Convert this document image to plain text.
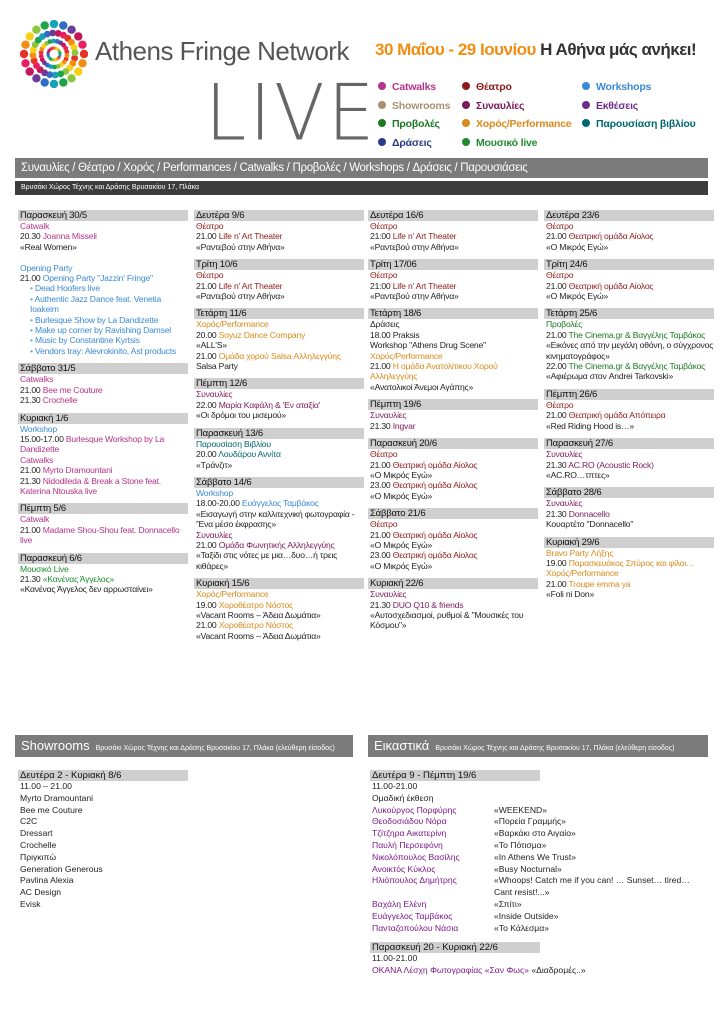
Athens Fringe Network
LIVE
30 Μαΐου - 29 Ιουνίου Η Αθήνα μάς ανήκει!
Catwalks
Showrooms
Προβολές
Δράσεις
Θέατρο
Συναυλίες
Χορός/Performance
Μουσικό live
Workshops
Εκθέσεις
Παρουσίαση βιβλίου
Συναυλίες / Θέατρο / Χορός / Performances / Catwalks / Προβολές / Workshops / Δράσεις / Παρουσιάσεις
Βρυσάκι Χώρος Τέχνης και Δράσης Βρυσακίου 17, Πλάκα
Παρασκευή 30/5
Catwalk
20.30 Joanna Misseli
«Real Women»

Opening Party
21.00 Opening Party "Jazzin' Fringe"
• Dead Hoofers live
• Authentic Jazz Dance feat. Venetia Ioakeim
• Burlesque Show by La Dandizette
• Make up corner by Ravishing Damsel
• Music by Constantine Kyrtsis
• Vendors tray: Alevrokinito, Ast products
Σάββατο 31/5
Catwalks
21.00 Bee me Couture
21.30 Crochelle
Κυριακή 1/6
Workshop
15.00-17.00 Burlesque Workshop by La Dandizette
Catwalks
21.00 Myrto Dramountani
21.30 Nidodileda & Break a Stone feat. Katerina Ntouska live
Πέμπτη 5/6
Catwalk
21.00 Madame Shou-Shou feat. Donnacello live
Παρασκευή 6/6
Μουσικό Live
21.30 «Κανένας Άγγελος»
«Κανένας Άγγελος δεν αρρωσταίνει»
Δευτέρα 9/6
Θέατρο
21.00 Life n' Art Theater
«Ραντεβού στην Αθήνα»
Τρίτη 10/6
Θέατρο
21.00 Life n' Art Theater
«Ραντεβού στην Αθήνα»
Τετάρτη 11/6
Χορός/Performance
20.00 Soyuz Dance Company
«ALL'S»
21.00 Ομάδα χορού Salsa Αλληλεγγύης
Salsa Party
Πέμπτη 12/6
Συναυλίες
22.00 Μαρία Καφάλη & 'Εν αταξία'
«Οι δρόμοι του μισεμού»
Παρασκευή 13/6
Παρουσίαση Βιβλίου
20.00 Λουδάρου Αννίτα
«Τράνζιτ»
Σάββατο 14/6
Workshop
18.00-20.00 Ευάγγελος Ταμβάκος
«Εισαγωγή στην καλλιτεχνική φωτογραφία - 'Ένα μέσο έκφρασης»
Συναυλίες
21.00 Ομάδα Φωνητικής Αλληλεγγύης
«Ταξίδι στις νότες με μια…δυο…ή τρεις κιθάρες»
Κυριακή 15/6
Χορός/Performance
19.00 Χοροθέατρο Νόστος
«Vacant Rooms – Άδεια Δωμάτια»
21.00 Χοροθέατρο Νόστος
«Vacant Rooms – Άδεια Δωμάτια»
Δευτέρα 16/6
Θέατρο
21:00 Life n' Art Theater
«Ραντεβού στην Αθήνα»
Τρίτη 17/06
Θέατρο
21:00 Life n' Art Theater
«Ραντεβού στην Αθήνα»
Τετάρτη 18/6
Δράσεις
18.00 Praksis
Workshop "Athens Drug Scene"
Χορός/Performance
21.00 Η ομάδα Ανατολίτικου Χορού Αλληλεγγύης
«Ανατολικοί Άνεμοι Αγάπης»
Πέμπτη 19/6
Συναυλίες
21.30 Ingvar
Παρασκευή 20/6
Θέατρο
21.00 Θεατρική ομάδα Αίολος
«Ο Μικρός Εγώ»
23.00 Θεατρική ομάδα Αίολος
«Ο Μικρός Εγώ»
Σάββατο 21/6
Θέατρο
21.00 Θεατρική ομάδα Αίολος
«Ο Μικρός Εγώ»
23.00 Θεατρική ομάδα Αίολος
«Ο Μικρός Εγώ»
Κυριακή 22/6
Συναυλίες
21.30 DUO Q10 & friends
«Αυτοσχεδιασμοί, ρυθμοί & "Μουσικές του Κόσμου"»
Δευτέρα 23/6
Θέατρο
21.00 Θεατρική ομάδα Αίολος
«Ο Μικρός Εγώ»
Τρίτη 24/6
Θέατρο
21.00 Θεατρική ομάδα Αίολος
«Ο Μικρός Εγώ»
Τετάρτη 25/6
Προβολές
21.00 The Cinema.gr & Βαγγέλης Ταμβάκος
«Εικόνες από την μεγάλη οθόνη, ο σύγχρονος κινηματογράφος»
22.00 The Cinema.gr & Βαγγέλης Ταμβάκος
«Αφιέρωμα στον Andrei Tarkovski»
Πέμπτη 26/6
Θέατρο
21.00 Θεατρική ομάδα Απόπειρα
«Red Riding Hood is…»
Παρασκευή 27/6
Συναυλίες
21.30 AC.RO (Acoustic Rock)
«AC.RO…τπτες»
Σάββατο 28/6
Συναυλίες
21.30 Donnacello
Κουαρτέτο "Donnacello"
Κυριακή 29/6
Bravo Party Λήξης
19.00 Παρασκευάκος Σπύρος και φίλοι…
Χορός/Performance
21.00 Troupe emma ya
«Foli ni Don»
Showrooms Βρυσάκι Χώρος Τέχνης και Δράσης Βρυσακίου 17, Πλάκα (ελεύθερη είσοδος)	Εικαστικά Βρυσάκι Χώρος Τέχνης και Δράσης Βρυσακίου 17, Πλάκα (ελεύθερη είσοδος)
Δευτέρα 2 - Κυριακή 8/6
11.00 – 21.00
Myrto Dramountani
Bee me Couture
C2C
Dressart
Crochelle
Πριγκιπώ
Generation Generous
Pavlina Alexia
AC Design
Evisk
Δευτέρα 9 - Πέμπτη 19/6
11.00-21.00
Ομαδική έκθεση
Λυκούργος Πορφύρης	«WEEKEND»
Θεοδοσιάδου Νόρα	«Πορεία Γραμμής»
Τζίτζηρα Αικατερίνη	«Βαρκάκι στο Αιγαίο»
Παυλή Περσεφόνη	«Το Πότισμα»
Νικολόπουλος Βασίλης	«In Athens We Trust»
Ανοικτός Κύκλος	«Busy Nocturnal»
Ηλιόπουλος Δημήτρης	«Whoops! Catch me if you can! … Sunset… tired… Cant resist!...»
Βαχάλη Ελένη	«Σπίτι»
Ευάγγελος Ταμβάκος	«Inside Outside»
Πανταζοπούλου Νάσια	«Το Κάλεσμα»
Παρασκευή 20 - Κυριακή 22/6
11.00-21.00
ΟΚΑΝΑ Λέσχη Φωτογραφίας «Σαν Φως» «Διαδρομές..»
